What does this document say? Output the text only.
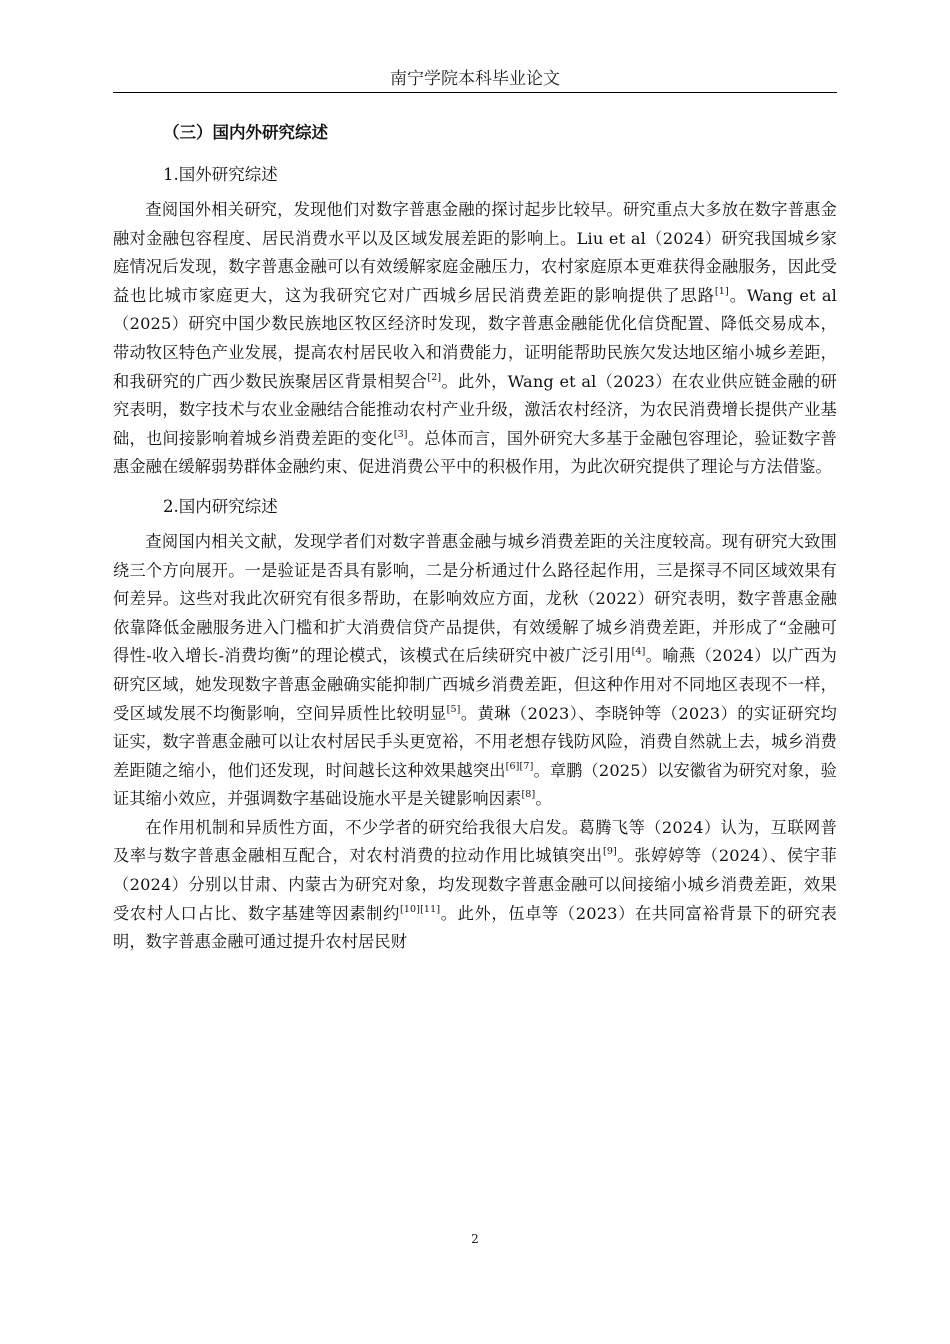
南宁学院本科毕业论文
（三）国内外研究综述
1.国外研究综述

查阅国外相关研究，发现他们对数字普惠金融的探讨起步比较早。研究重点大多放在数字普惠金融对金融包容程度、居民消费水平以及区域发展差距的影响上。Liu et al（2024）研究我国城乡家庭情况后发现，数字普惠金融可以有效缓解家庭金融压力，农村家庭原本更难获得金融服务，因此受益也比城市家庭更大，这为我研究它对广西城乡居民消费差距的影响提供了思路[1]。Wang et al（2025）研究中国少数民族地区牧区经济时发现，数字普惠金融能优化信贷配置、降低交易成本，带动牧区特色产业发展，提高农村居民收入和消费能力，证明能帮助民族欠发达地区缩小城乡差距，和我研究的广西少数民族聚居区背景相契合[2]。此外，Wang et al（2023）在农业供应链金融的研究表明，数字技术与农业金融结合能推动农村产业升级，激活农村经济，为农民消费增长提供产业基础，也间接影响着城乡消费差距的变化[3]。总体而言，国外研究大多基于金融包容理论，验证数字普惠金融在缓解弱势群体金融约束、促进消费公平中的积极作用，为此次研究提供了理论与方法借鉴。

2.国内研究综述

查阅国内相关文献，发现学者们对数字普惠金融与城乡消费差距的关注度较高。现有研究大致围绕三个方向展开。一是验证是否具有影响，二是分析通过什么路径起作用，三是探寻不同区域效果有何差异。这些对我此次研究有很多帮助，在影响效应方面，龙秋（2022）研究表明，数字普惠金融依靠降低金融服务进入门槛和扩大消费信贷产品提供，有效缓解了城乡消费差距，并形成了“金融可得性-收入增长-消费均衡”的理论模式，该模式在后续研究中被广泛引用[4]。喻燕（2024）以广西为研究区域，她发现数字普惠金融确实能抑制广西城乡消费差距，但这种作用对不同地区表现不一样，受区域发展不均衡影响，空间异质性比较明显[5]。黄琳（2023）、李晓钟等（2023）的实证研究均证实，数字普惠金融可以让农村居民手头更宽裕，不用老想存钱防风险，消费自然就上去，城乡消费差距随之缩小，他们还发现，时间越长这种效果越突出[6][7]。章鹏（2025）以安徽省为研究对象，验证其缩小效应，并强调数字基础设施水平是关键影响因素[8]。

在作用机制和异质性方面，不少学者的研究给我很大启发。葛腾飞等（2024）认为，互联网普及率与数字普惠金融相互配合，对农村消费的拉动作用比城镇突出[9]。张婷婷等（2024）、侯宇菲（2024）分别以甘肃、内蒙古为研究对象，均发现数字普惠金融可以间接缩小城乡消费差距，效果受农村人口占比、数字基建等因素制约[10][11]。此外，伍卓等（2023）在共同富裕背景下的研究表明，数字普惠金融可通过提升农村居民财

2
